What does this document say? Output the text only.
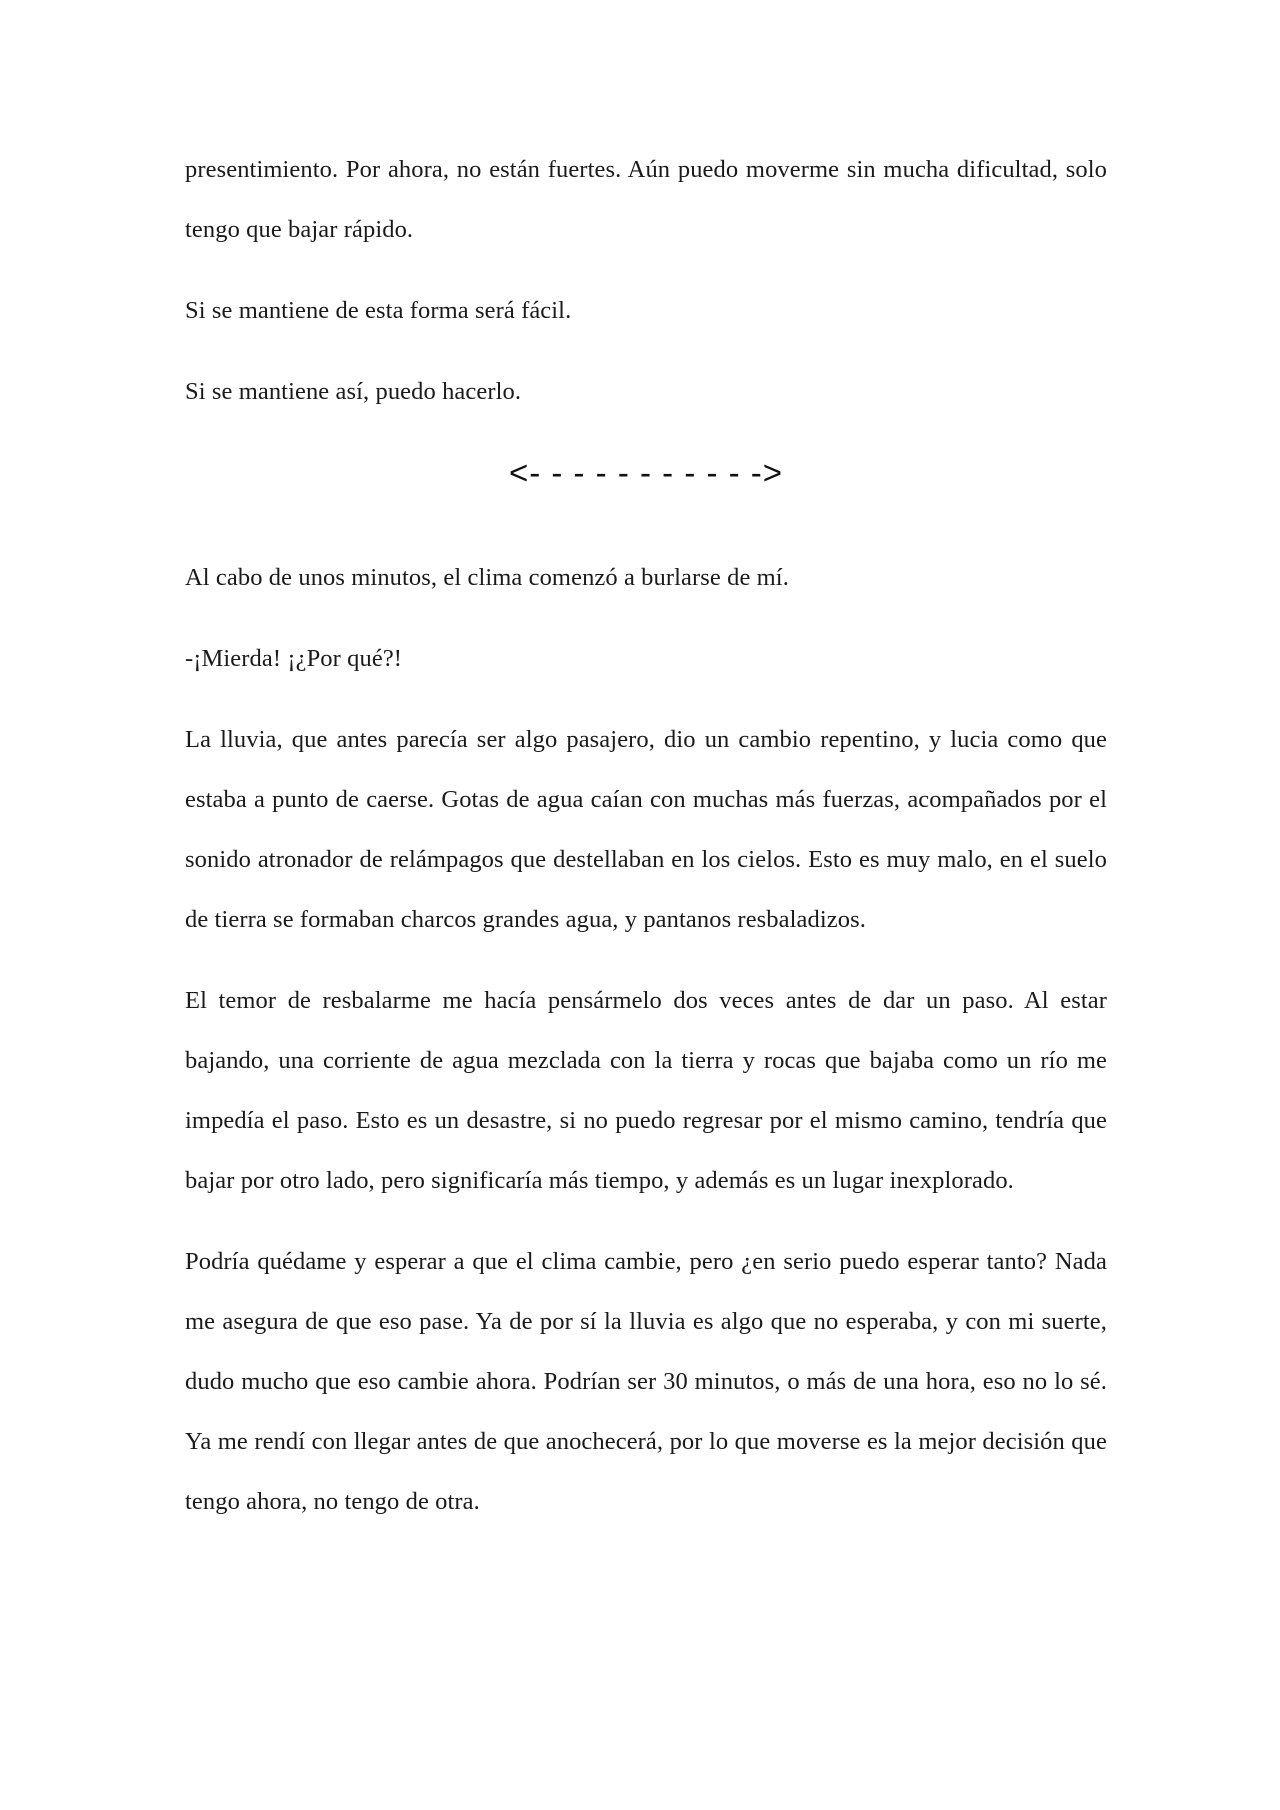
presentimiento. Por ahora, no están fuertes. Aún puedo moverme sin mucha dificultad, solo tengo que bajar rápido.

Si se mantiene de esta forma será fácil.

Si se mantiene así, puedo hacerlo.

<- - - - - - - - - - ->

Al cabo de unos minutos, el clima comenzó a burlarse de mí.

-¡Mierda! ¡¿Por qué?!

La lluvia, que antes parecía ser algo pasajero, dio un cambio repentino, y lucia como que estaba a punto de caerse. Gotas de agua caían con muchas más fuerzas, acompañados por el sonido atronador de relámpagos que destellaban en los cielos. Esto es muy malo, en el suelo de tierra se formaban charcos grandes agua, y pantanos resbaladizos.

El temor de resbalarme me hacía pensármelo dos veces antes de dar un paso. Al estar bajando, una corriente de agua mezclada con la tierra y rocas que bajaba como un río me impedía el paso. Esto es un desastre, si no puedo regresar por el mismo camino, tendría que bajar por otro lado, pero significaría más tiempo, y además es un lugar inexplorado.

Podría quédame y esperar a que el clima cambie, pero ¿en serio puedo esperar tanto? Nada me asegura de que eso pase. Ya de por sí la lluvia es algo que no esperaba, y con mi suerte, dudo mucho que eso cambie ahora. Podrían ser 30 minutos, o más de una hora, eso no lo sé. Ya me rendí con llegar antes de que anochecerá, por lo que moverse es la mejor decisión que tengo ahora, no tengo de otra.
